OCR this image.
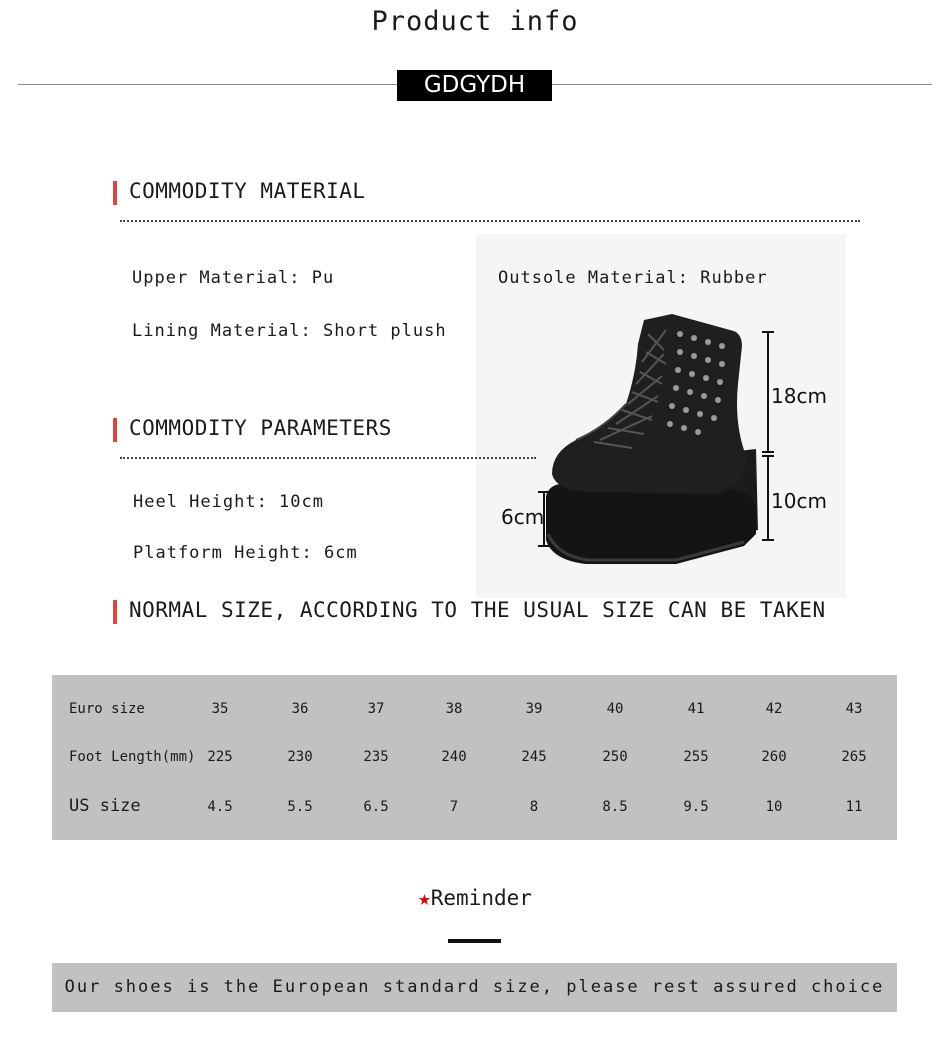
Product info
GDGYDH
COMMODITY MATERIAL
Upper Material: Pu
Lining Material: Short plush
18cm
10cm
6cm
Outsole Material: Rubber
COMMODITY PARAMETERS
Heel Height: 10cm
Platform Height: 6cm
NORMAL SIZE, ACCORDING TO THE USUAL SIZE CAN BE TAKEN
Euro size	35	36	37	38	39	40	41	42	43
Foot Length(mm) 225	230	235	240	245	250	255	260	265
US size	4.5	5.5	6.5	7	8	8.5	9.5	10	11
★Reminder
Our shoes is the European standard size, please rest assured choice
